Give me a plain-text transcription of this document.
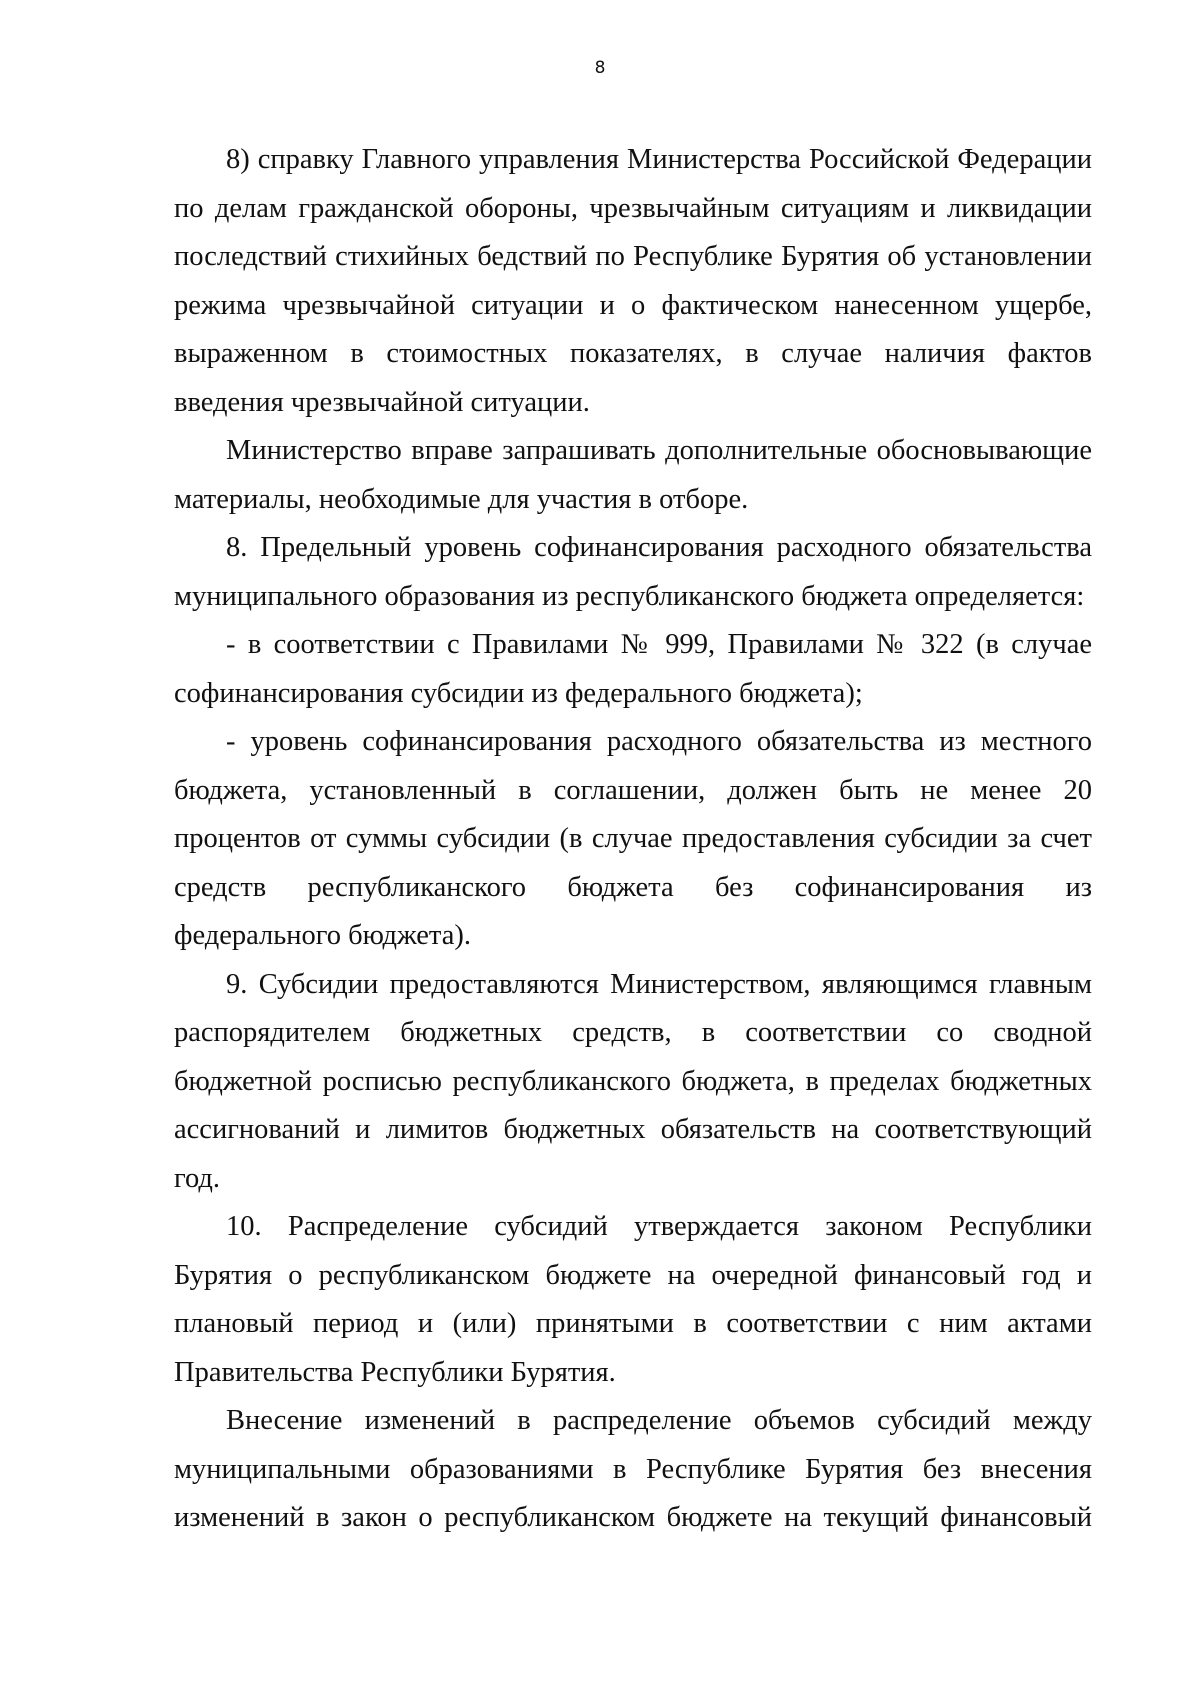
8

8) справку Главного управления Министерства Российской Федерации по делам гражданской обороны, чрезвычайным ситуациям и ликвидации последствий стихийных бедствий по Республике Бурятия об установлении режима чрезвычайной ситуации и о фактическом нанесенном ущербе, выраженном в стоимостных показателях, в случае наличия фактов введения чрезвычайной ситуации.

Министерство вправе запрашивать дополнительные обосновывающие материалы, необходимые для участия в отборе.

8. Предельный уровень софинансирования расходного обязательства муниципального образования из республиканского бюджета определяется:

- в соответствии с Правилами № 999, Правилами № 322 (в случае софинансирования субсидии из федерального бюджета);

- уровень софинансирования расходного обязательства из местного бюджета, установленный в соглашении, должен быть не менее 20 процентов от суммы субсидии (в случае предоставления субсидии за счет средств республиканского бюджета без софинансирования из федерального бюджета).

9. Субсидии предоставляются Министерством, являющимся главным распорядителем бюджетных средств, в соответствии со сводной бюджетной росписью республиканского бюджета, в пределах бюджетных ассигнований и лимитов бюджетных обязательств на соответствующий год.

10. Распределение субсидий утверждается законом Республики Бурятия о республиканском бюджете на очередной финансовый год и плановый период и (или) принятыми в соответствии с ним актами Правительства Республики Бурятия.

Внесение изменений в распределение объемов субсидий между муниципальными образованиями в Республике Бурятия без внесения изменений в закон о республиканском бюджете на текущий финансовый
